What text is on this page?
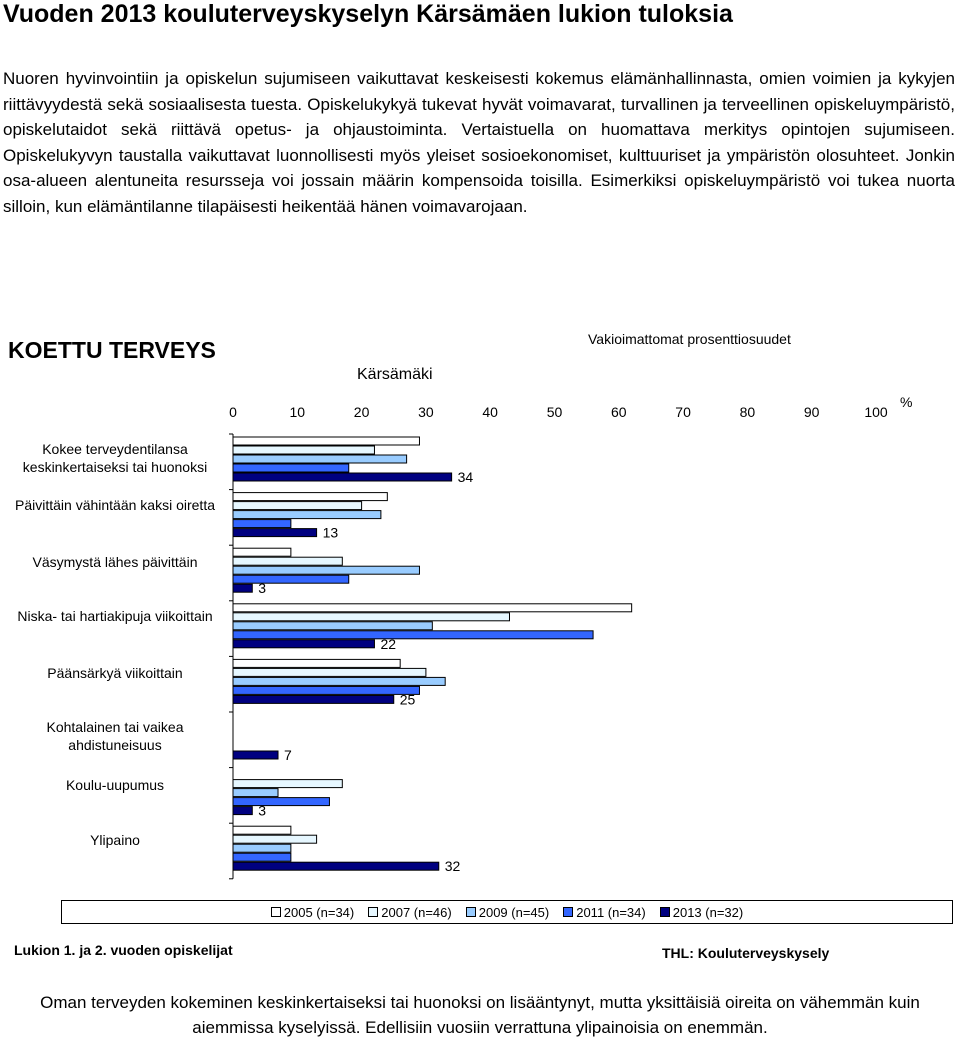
Vuoden 2013 kouluterveyskyselyn Kärsämäen lukion tuloksia
Nuoren hyvinvointiin ja opiskelun sujumiseen vaikuttavat keskeisesti kokemus elämänhallinnasta, omien voimien ja kykyjen riittävyydestä sekä sosiaalisesta tuesta. Opiskelukykyä tukevat hyvät voimavarat, turvallinen ja terveellinen opiskeluympäristö, opiskelutaidot sekä riittävä opetus- ja ohjaustoiminta. Vertaistuella on huomattava merkitys opintojen sujumiseen. Opiskelukyvyn taustalla vaikuttavat luonnollisesti myös yleiset sosioekonomiset, kulttuuriset ja ympäristön olosuhteet. Jonkin osa-alueen alentuneita resursseja voi jossain määrin kompensoida toisilla. Esimerkiksi opiskeluympäristö voi tukea nuorta silloin, kun elämäntilanne tilapäisesti heikentää hänen voimavarojaan.
KOETTU TERVEYS
Kärsämäki
Vakioimattomat prosenttiosuudet
%
0	10	20	30	40	50	60	70	80	90	100
Kokee terveydentilansa keskinkertaiseksi tai huonoksi
Päivittäin vähintään kaksi oiretta
Väsymystä lähes päivittäin
Niska- tai hartiakipuja viikoittain
Päänsärkyä viikoittain
Kohtalainen tai vaikea ahdistuneisuus
Koulu-uupumus
Ylipaino
34
13
3
22
25
7
3
32
2005 (n=34) 2007 (n=46) 2009 (n=45) 2011 (n=34) 2013 (n=32)
Lukion 1. ja 2. vuoden opiskelijat	THL: Kouluterveyskysely
Oman terveyden kokeminen keskinkertaiseksi tai huonoksi on lisääntynyt, mutta yksittäisiä oireita on vähemmän kuin aiemmissa kyselyissä. Edellisiin vuosiin verrattuna ylipainoisia on enemmän.
